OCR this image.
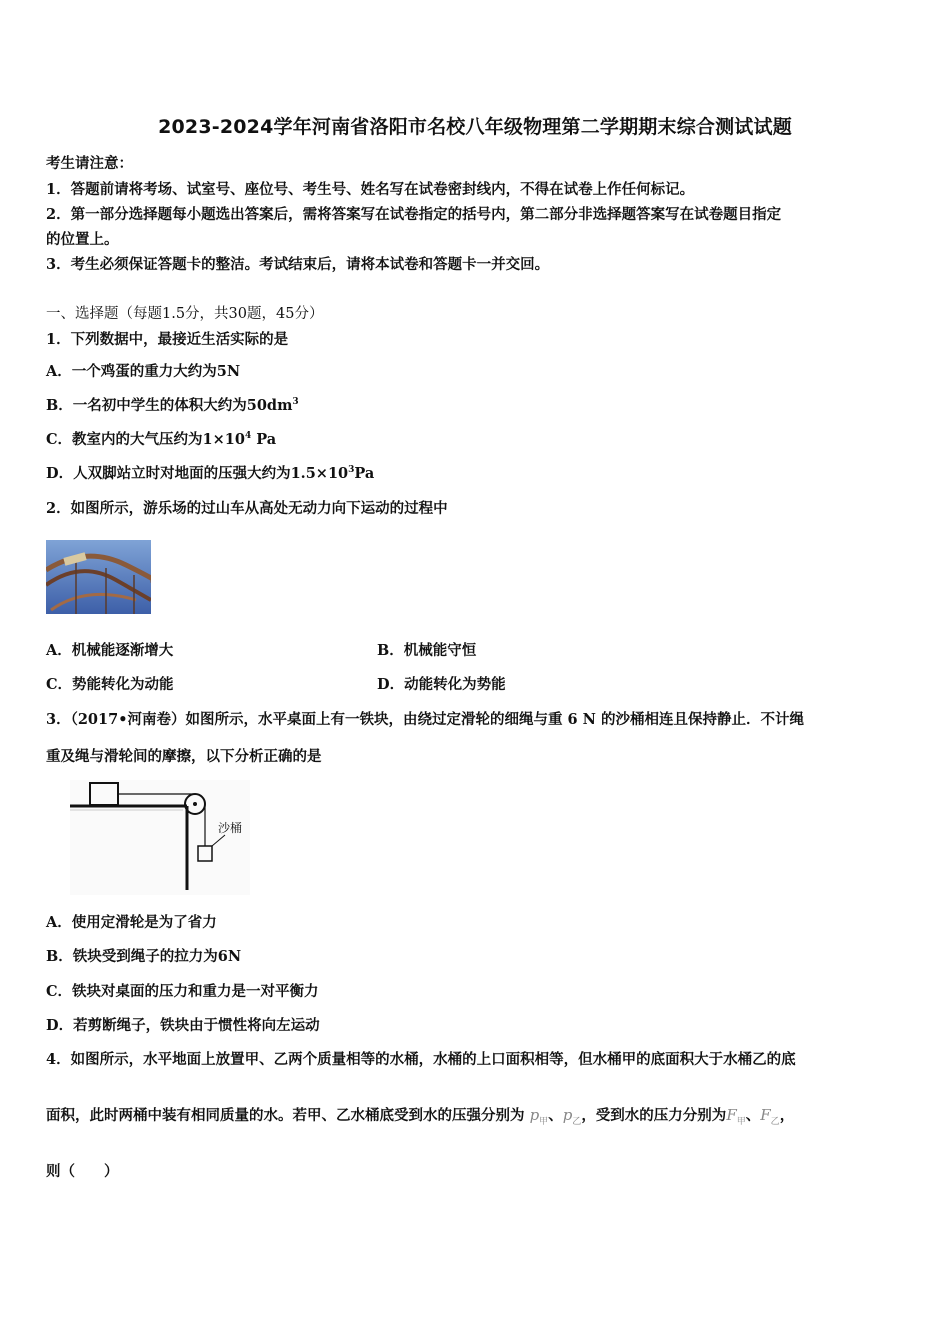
2023-2024学年河南省洛阳市名校八年级物理第二学期期末综合测试试题
考生请注意：
1．答题前请将考场、试室号、座位号、考生号、姓名写在试卷密封线内，不得在试卷上作任何标记。
2．第一部分选择题每小题选出答案后，需将答案写在试卷指定的括号内，第二部分非选择题答案写在试卷题目指定
的位置上。
3．考生必须保证答题卡的整洁。考试结束后，请将本试卷和答题卡一并交回。
一、选择题（每题1.5分，共30题，45分）
1．下列数据中，最接近生活实际的是
A．一个鸡蛋的重力大约为5N
B．一名初中学生的体积大约为$50dm^3$
C．教室内的大气压约为$1\times 10^4$ Pa
D．人双脚站立时对地面的压强大约为$1.5\times 10^3Pa$
2．如图所示，游乐场的过山车从高处无动力向下运动的过程中
A．机械能逐渐增大	B．机械能守恒
C．势能转化为动能	D．动能转化为势能
3．（2017•河南卷）如图所示，水平桌面上有一铁块，由绕过定滑轮的细绳与重 6 N 的沙桶相连且保持静止．不计绳
重及绳与滑轮间的摩擦，以下分析正确的是
沙桶
A．使用定滑轮是为了省力
B．铁块受到绳子的拉力为6N
C．铁块对桌面的压力和重力是一对平衡力
D．若剪断绳子，铁块由于惯性将向左运动
4．如图所示，水平地面上放置甲、乙两个质量相等的水桶，水桶的上口面积相等，但水桶甲的底面积大于水桶乙的底
面积，此时两桶中装有相同质量的水。若甲、乙水桶底受到水的压强分别为 $p_甲$、$p_乙$，受到水的压力分别为$F_甲$、$F_乙$，
则（　　）
